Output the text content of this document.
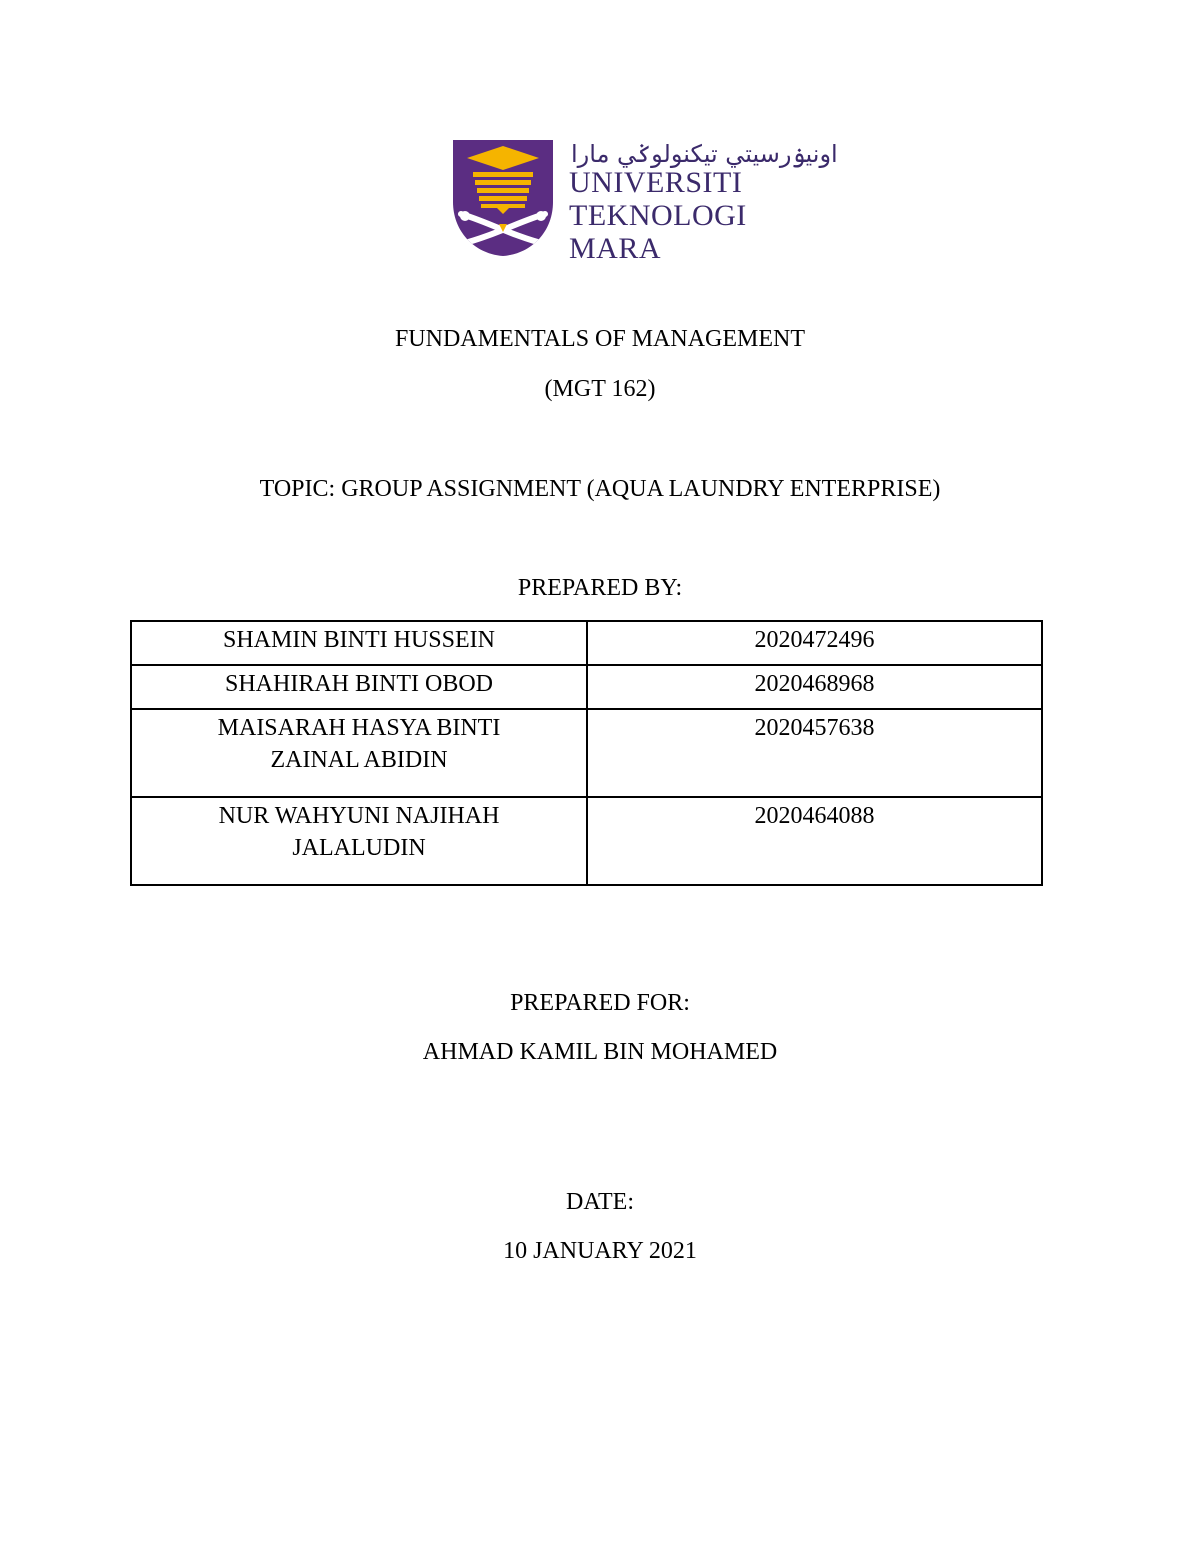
اونيۏرسيتي تيكنولوݢي مارا
UNIVERSITI
TEKNOLOGI
MARA
FUNDAMENTALS OF MANAGEMENT
(MGT 162)
TOPIC: GROUP ASSIGNMENT (AQUA LAUNDRY ENTERPRISE)
PREPARED BY:
SHAMIN BINTI HUSSEIN	2020472496
SHAHIRAH BINTI OBOD	2020468968

MAISARAH HASYA BINTI
ZAINAL ABIDIN	2020457638

NUR WAHYUNI NAJIHAH
JALALUDIN	2020464088
PREPARED FOR:
AHMAD KAMIL BIN MOHAMED
DATE:
10 JANUARY 2021
